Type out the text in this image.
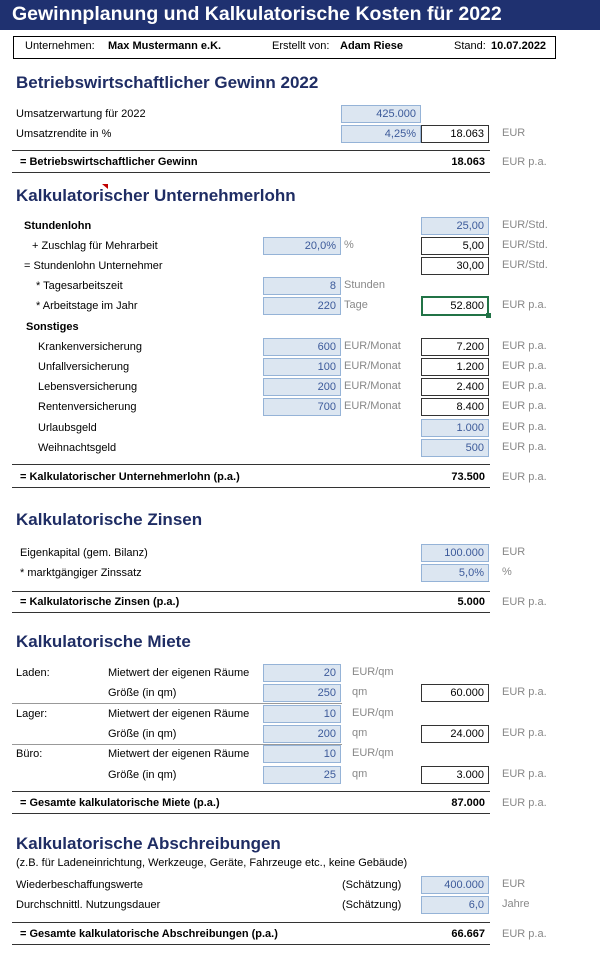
Gewinnplanung und Kalkulatorische Kosten für 2022
Unternehmen: Max Mustermann e.K.	Erstellt von: Adam Riese	Stand: 10.07.2022
Betriebswirtschaftlicher Gewinn 2022
Umsatzerwartung für 2022	425.000
Umsatzrendite in %	4,25%	18.063	EUR
= Betriebswirtschaftlicher Gewinn	18.063 EUR p.a.
Kalkulatorischer Unternehmerlohn
Stundenlohn	25,00	EUR/Std.
+ Zuschlag für Mehrarbeit	20,0% %	5,00	EUR/Std.
= Stundenlohn Unternehmer	30,00	EUR/Std.
* Tagesarbeitszeit	8 Stunden
* Arbeitstage im Jahr	220 Tage	52.800	EUR p.a.
Sonstiges
Krankenversicherung	600 EUR/Monat	7.200	EUR p.a.
Unfallversicherung	100 EUR/Monat	1.200	EUR p.a.
Lebensversicherung	200 EUR/Monat	2.400	EUR p.a.
Rentenversicherung	700 EUR/Monat	8.400	EUR p.a.
Urlaubsgeld	1.000	EUR p.a.
Weihnachtsgeld	500	EUR p.a.
= Kalkulatorischer Unternehmerlohn (p.a.)	73.500 EUR p.a.
Kalkulatorische Zinsen
Eigenkapital (gem. Bilanz)	100.000	EUR
* marktgängiger Zinssatz	5,0%	%
= Kalkulatorische Zinsen (p.a.)	5.000 EUR p.a.
Kalkulatorische Miete
Laden:	Mietwert der eigenen Räume	20	EUR/qm
Größe (in qm)	250	qm	60.000	EUR p.a.
Lager:	Mietwert der eigenen Räume	10	EUR/qm
Größe (in qm)	200	qm	24.000	EUR p.a.
Büro:	Mietwert der eigenen Räume	10	EUR/qm
Größe (in qm)	25	qm	3.000	EUR p.a.
= Gesamte kalkulatorische Miete (p.a.)	87.000 EUR p.a.
Kalkulatorische Abschreibungen
(z.B. für Ladeneinrichtung, Werkzeuge, Geräte, Fahrzeuge etc., keine Gebäude)
Wiederbeschaffungswerte	(Schätzung)	400.000	EUR
Durchschnittl. Nutzungsdauer	(Schätzung)	6,0	Jahre
= Gesamte kalkulatorische Abschreibungen (p.a.)	66.667 EUR p.a.
